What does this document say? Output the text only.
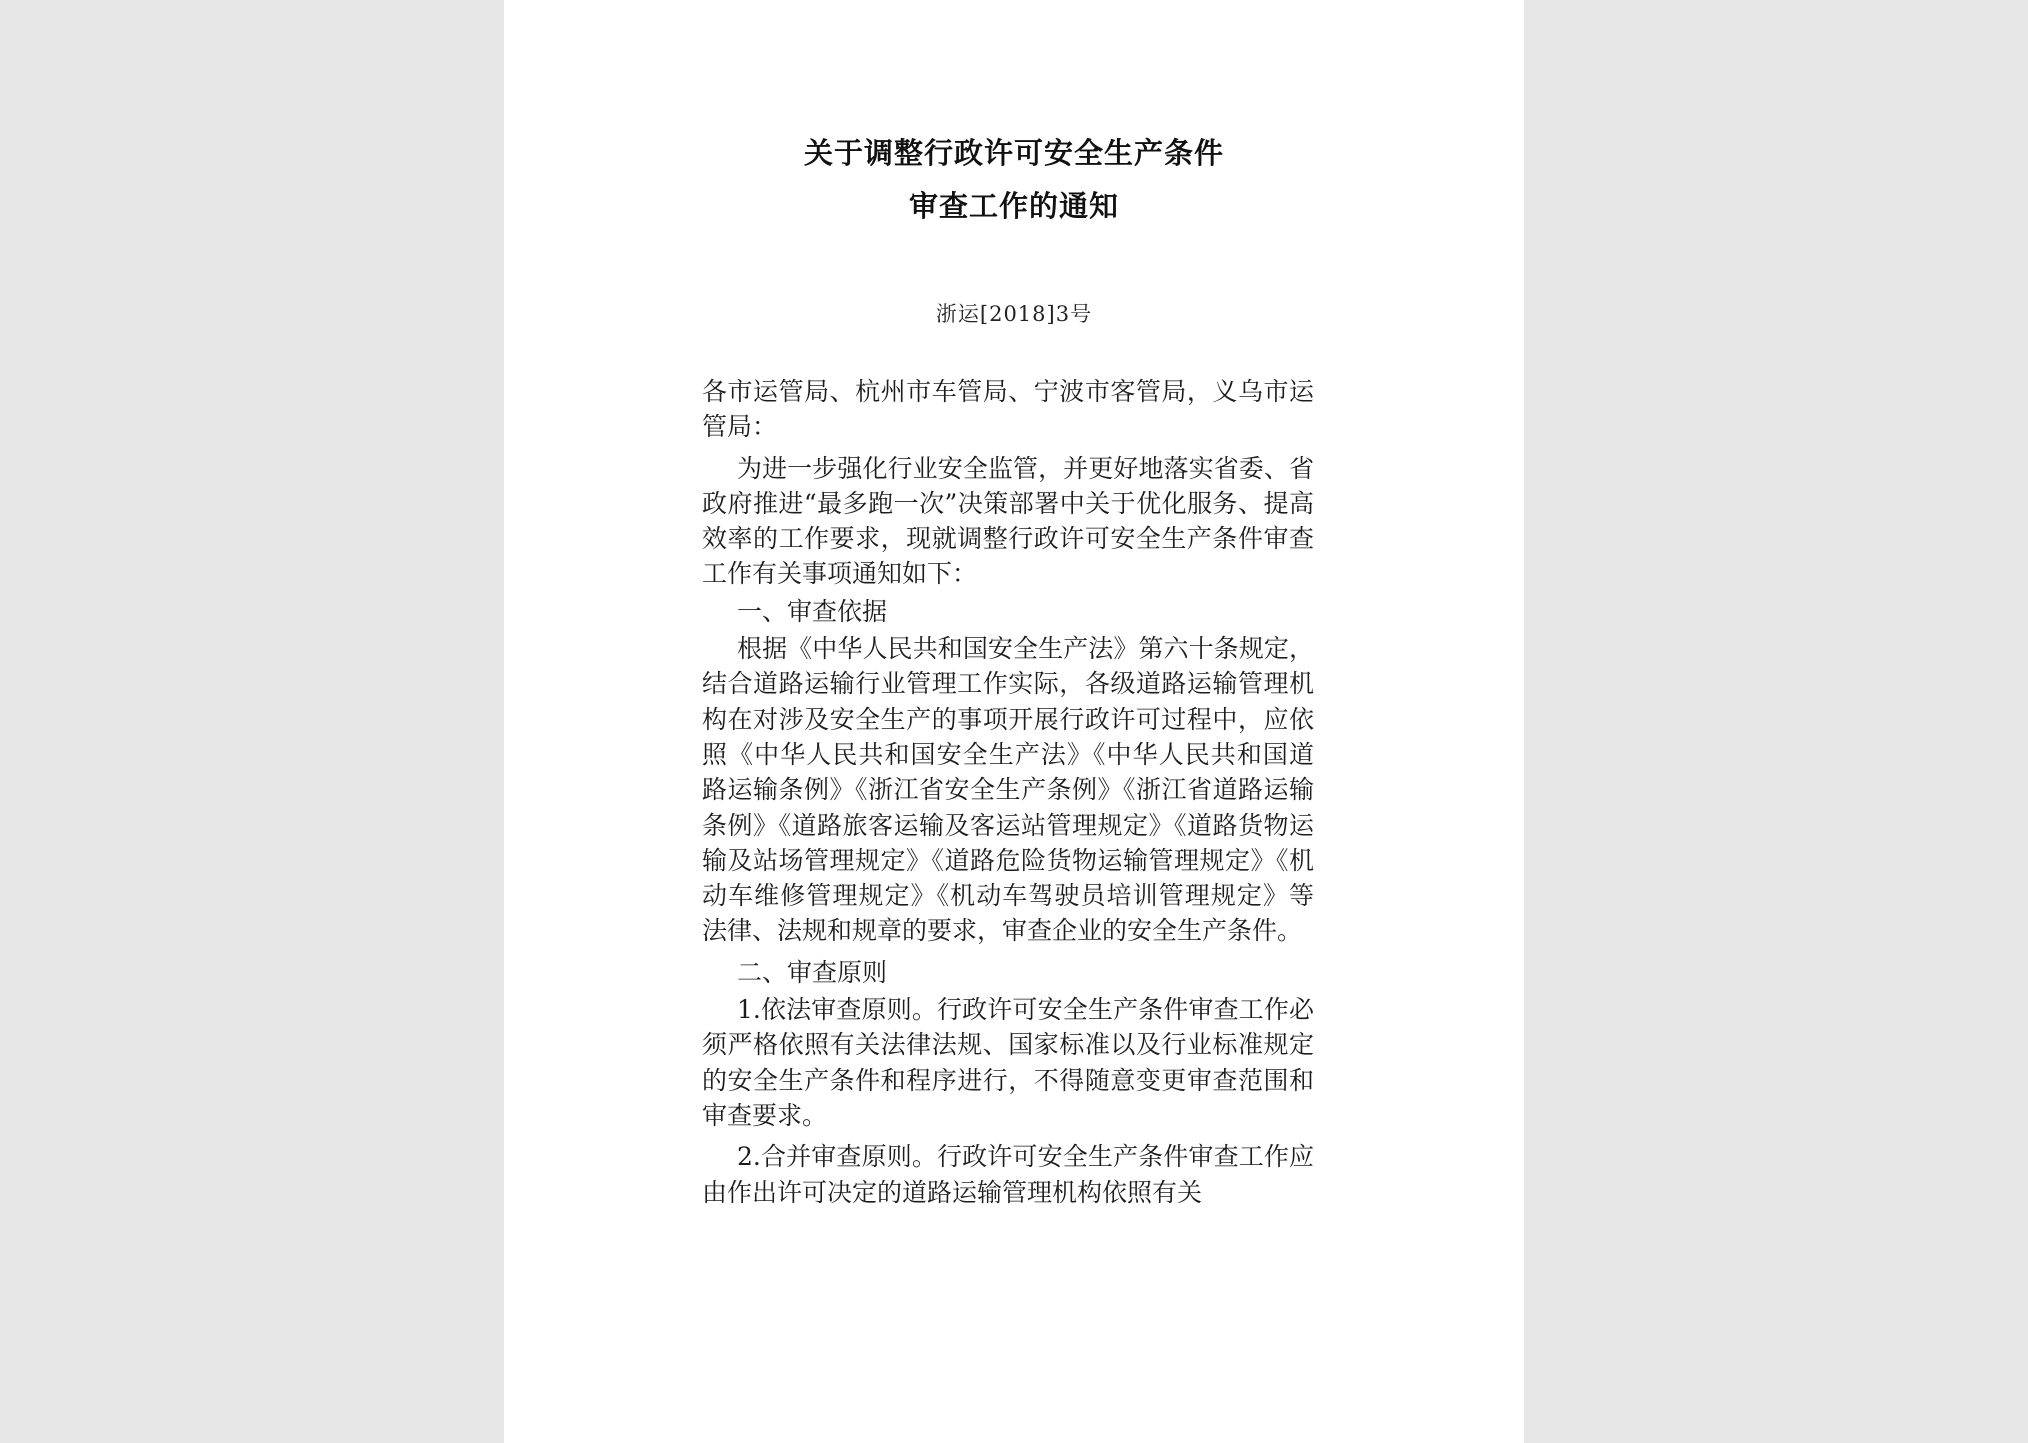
关于调整行政许可安全生产条件
审查工作的通知
浙运[2018]3号

各市运管局、杭州市车管局、宁波市客管局，义乌市运管局：

为进一步强化行业安全监管，并更好地落实省委、省政府推进“最多跑一次”决策部署中关于优化服务、提高效率的工作要求，现就调整行政许可安全生产条件审查工作有关事项通知如下：

一、审查依据

根据《中华人民共和国安全生产法》第六十条规定，结合道路运输行业管理工作实际，各级道路运输管理机构在对涉及安全生产的事项开展行政许可过程中，应依照《中华人民共和国安全生产法》《中华人民共和国道路运输条例》《浙江省安全生产条例》《浙江省道路运输条例》《道路旅客运输及客运站管理规定》《道路货物运输及站场管理规定》《道路危险货物运输管理规定》《机动车维修管理规定》《机动车驾驶员培训管理规定》等法律、法规和规章的要求，审查企业的安全生产条件。

二、审查原则

1.依法审查原则。行政许可安全生产条件审查工作必须严格依照有关法律法规、国家标准以及行业标准规定的安全生产条件和程序进行，不得随意变更审查范围和审查要求。

2.合并审查原则。行政许可安全生产条件审查工作应由作出许可决定的道路运输管理机构依照有关
